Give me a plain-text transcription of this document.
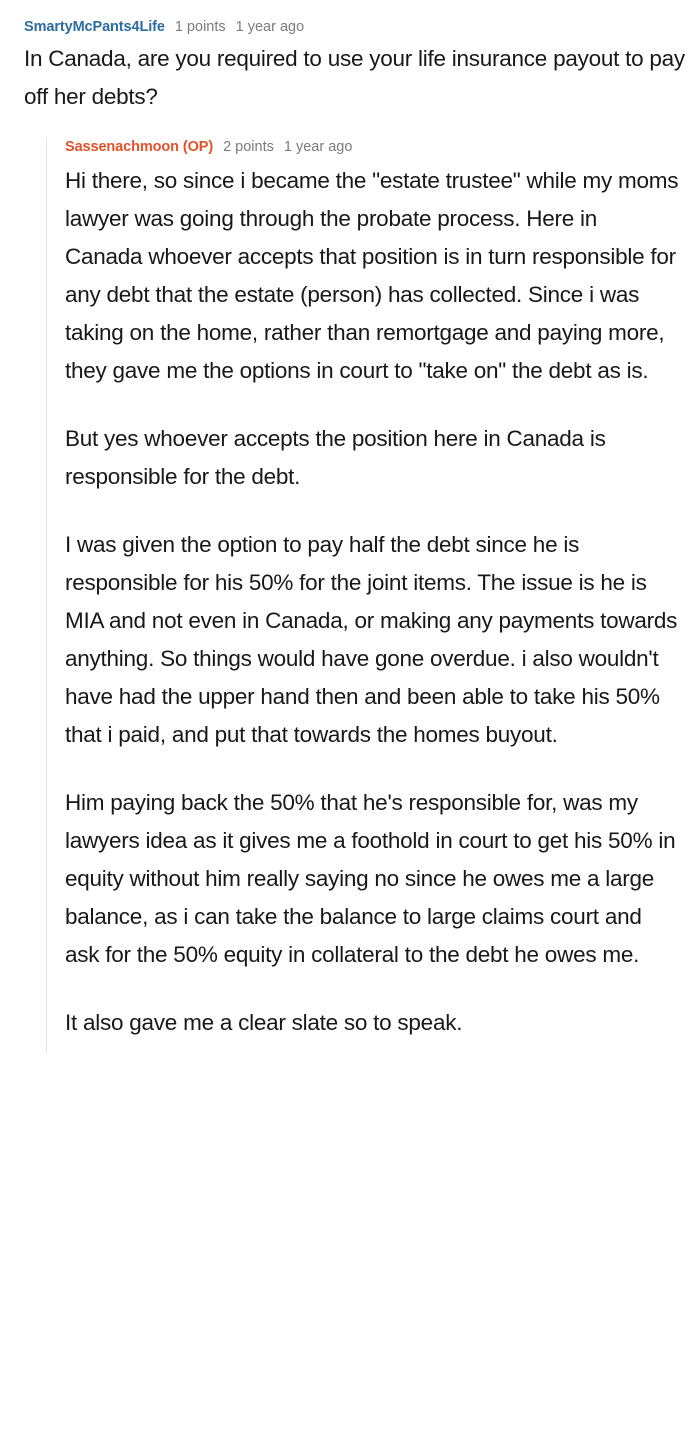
SmartyMcPants4Life 1 points 1 year ago

In Canada, are you required to use your life insurance payout to pay off her debts?

Sassenachmoon (OP) 2 points 1 year ago

Hi there, so since i became the "estate trustee" while my moms lawyer was going through the probate process. Here in Canada whoever accepts that position is in turn responsible for any debt that the estate (person) has collected. Since i was taking on the home, rather than remortgage and paying more, they gave me the options in court to "take on" the debt as is.

But yes whoever accepts the position here in Canada is responsible for the debt.

I was given the option to pay half the debt since he is responsible for his 50% for the joint items. The issue is he is MIA and not even in Canada, or making any payments towards anything. So things would have gone overdue. i also wouldn't have had the upper hand then and been able to take his 50% that i paid, and put that towards the homes buyout.

Him paying back the 50% that he's responsible for, was my lawyers idea as it gives me a foothold in court to get his 50% in equity without him really saying no since he owes me a large balance, as i can take the balance to large claims court and ask for the 50% equity in collateral to the debt he owes me.

It also gave me a clear slate so to speak.
